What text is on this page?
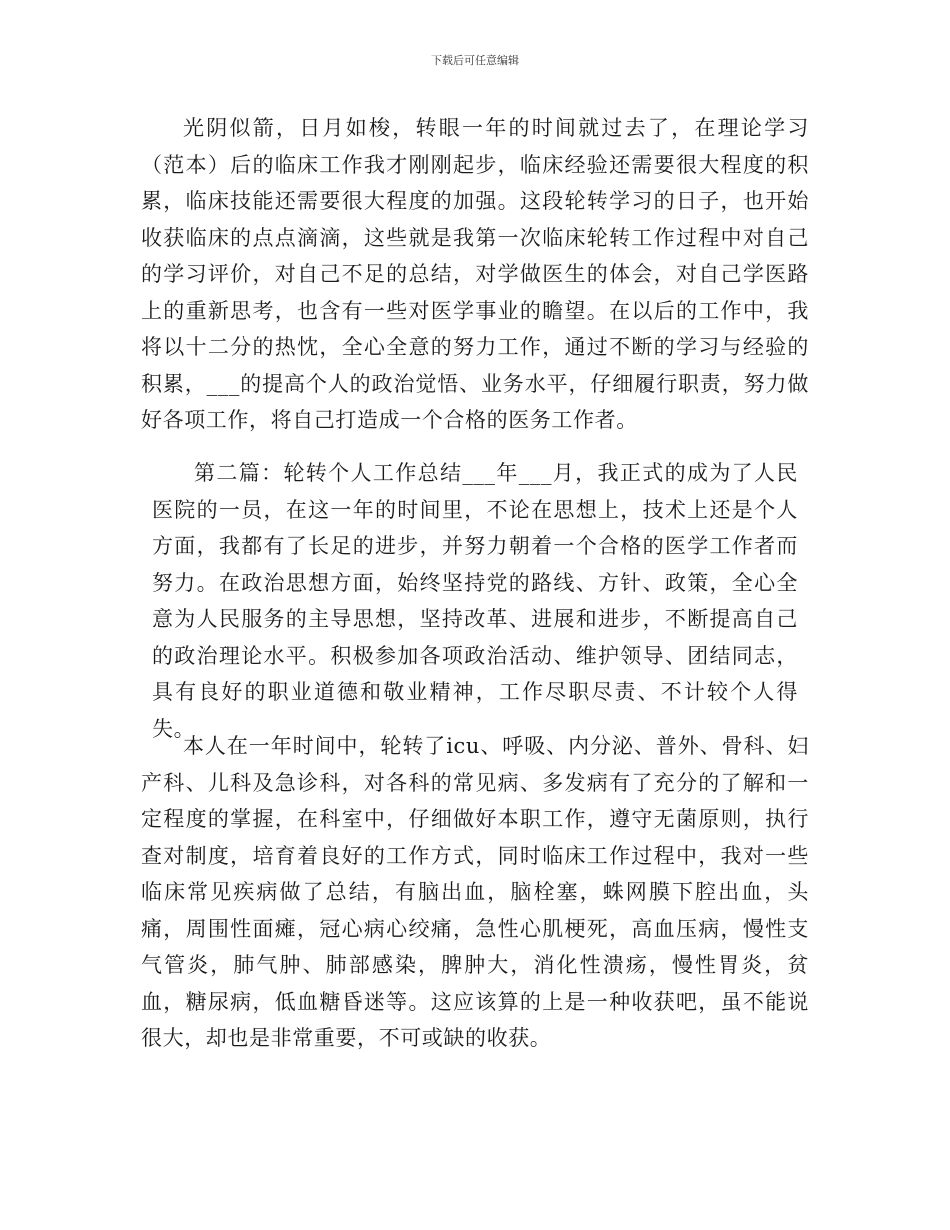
下载后可任意编辑

光阴似箭，日月如梭，转眼一年的时间就过去了，在理论学习（范本）后的临床工作我才刚刚起步，临床经验还需要很大程度的积累，临床技能还需要很大程度的加强。这段轮转学习的日子，也开始收获临床的点点滴滴，这些就是我第一次临床轮转工作过程中对自己的学习评价，对自己不足的总结，对学做医生的体会，对自己学医路上的重新思考，也含有一些对医学事业的瞻望。在以后的工作中，我将以十二分的热忱，全心全意的努力工作，通过不断的学习与经验的积累，___的提高个人的政治觉悟、业务水平，仔细履行职责，努力做好各项工作，将自己打造成一个合格的医务工作者。

第二篇：轮转个人工作总结___年___月，我正式的成为了人民医院的一员，在这一年的时间里，不论在思想上，技术上还是个人方面，我都有了长足的进步，并努力朝着一个合格的医学工作者而努力。在政治思想方面，始终坚持党的路线、方针、政策，全心全意为人民服务的主导思想，坚持改革、进展和进步，不断提高自己的政治理论水平。积极参加各项政治活动、维护领导、团结同志，具有良好的职业道德和敬业精神，工作尽职尽责、不计较个人得失。

本人在一年时间中，轮转了icu、呼吸、内分泌、普外、骨科、妇产科、儿科及急诊科，对各科的常见病、多发病有了充分的了解和一定程度的掌握，在科室中，仔细做好本职工作，遵守无菌原则，执行查对制度，培育着良好的工作方式，同时临床工作过程中，我对一些临床常见疾病做了总结，有脑出血，脑栓塞，蛛网膜下腔出血，头痛，周围性面瘫，冠心病心绞痛，急性心肌梗死，高血压病，慢性支气管炎，肺气肿、肺部感染，脾肿大，消化性溃疡，慢性胃炎，贫血，糖尿病，低血糖昏迷等。这应该算的上是一种收获吧，虽不能说很大，却也是非常重要，不可或缺的收获。
